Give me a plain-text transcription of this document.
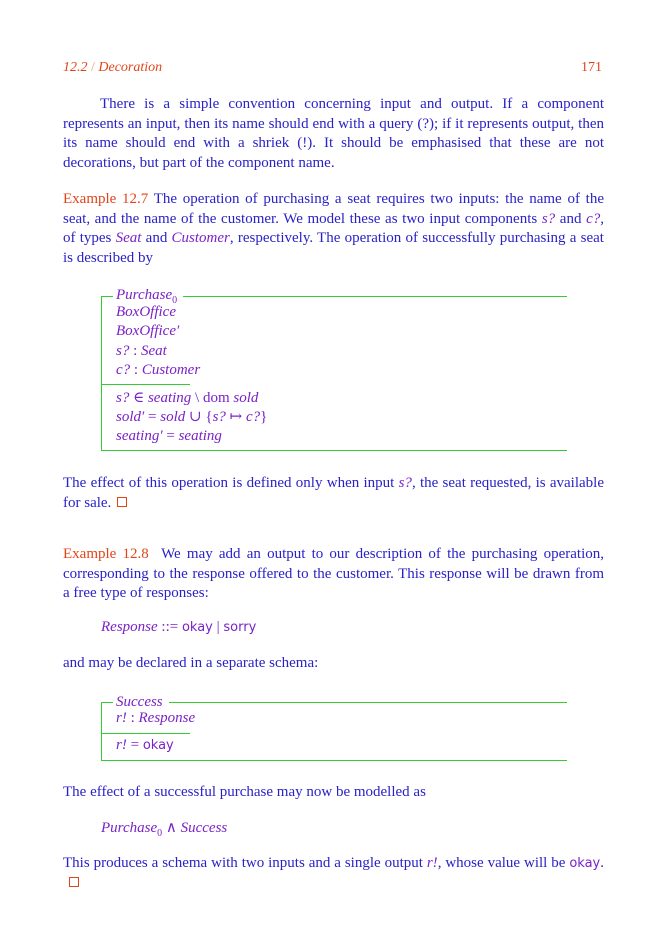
12.2 / Decoration	171

There is a simple convention concerning input and output. If a component represents an input, then its name should end with a query (?); if it represents output, then its name should end with a shriek (!). It should be emphasised that these are not decorations, but part of the component name.

Example 12.7 The operation of purchasing a seat requires two inputs: the name of the seat, and the name of the customer. We model these as two input components s? and c?, of types Seat and Customer, respectively. The operation of successfully purchasing a seat is described by

Purchase$_0$
BoxOffice
BoxOffice′
s? : Seat
c? : Customer
s? ∈ seating \ dom sold
sold′ = sold ∪ {s? ↦ c?}
seating′ = seating

The effect of this operation is defined only when input s?, the seat requested, is available for sale.

Example 12.8  We may add an output to our description of the purchasing operation, corresponding to the response offered to the customer. This response will be drawn from a free type of responses:

Response ::= okay | sorry

and may be declared in a separate schema:

Success
r! : Response
r! = okay

The effect of a successful purchase may now be modelled as

Purchase$_0$ ∧ Success

This produces a schema with two inputs and a single output r!, whose value will be okay.
